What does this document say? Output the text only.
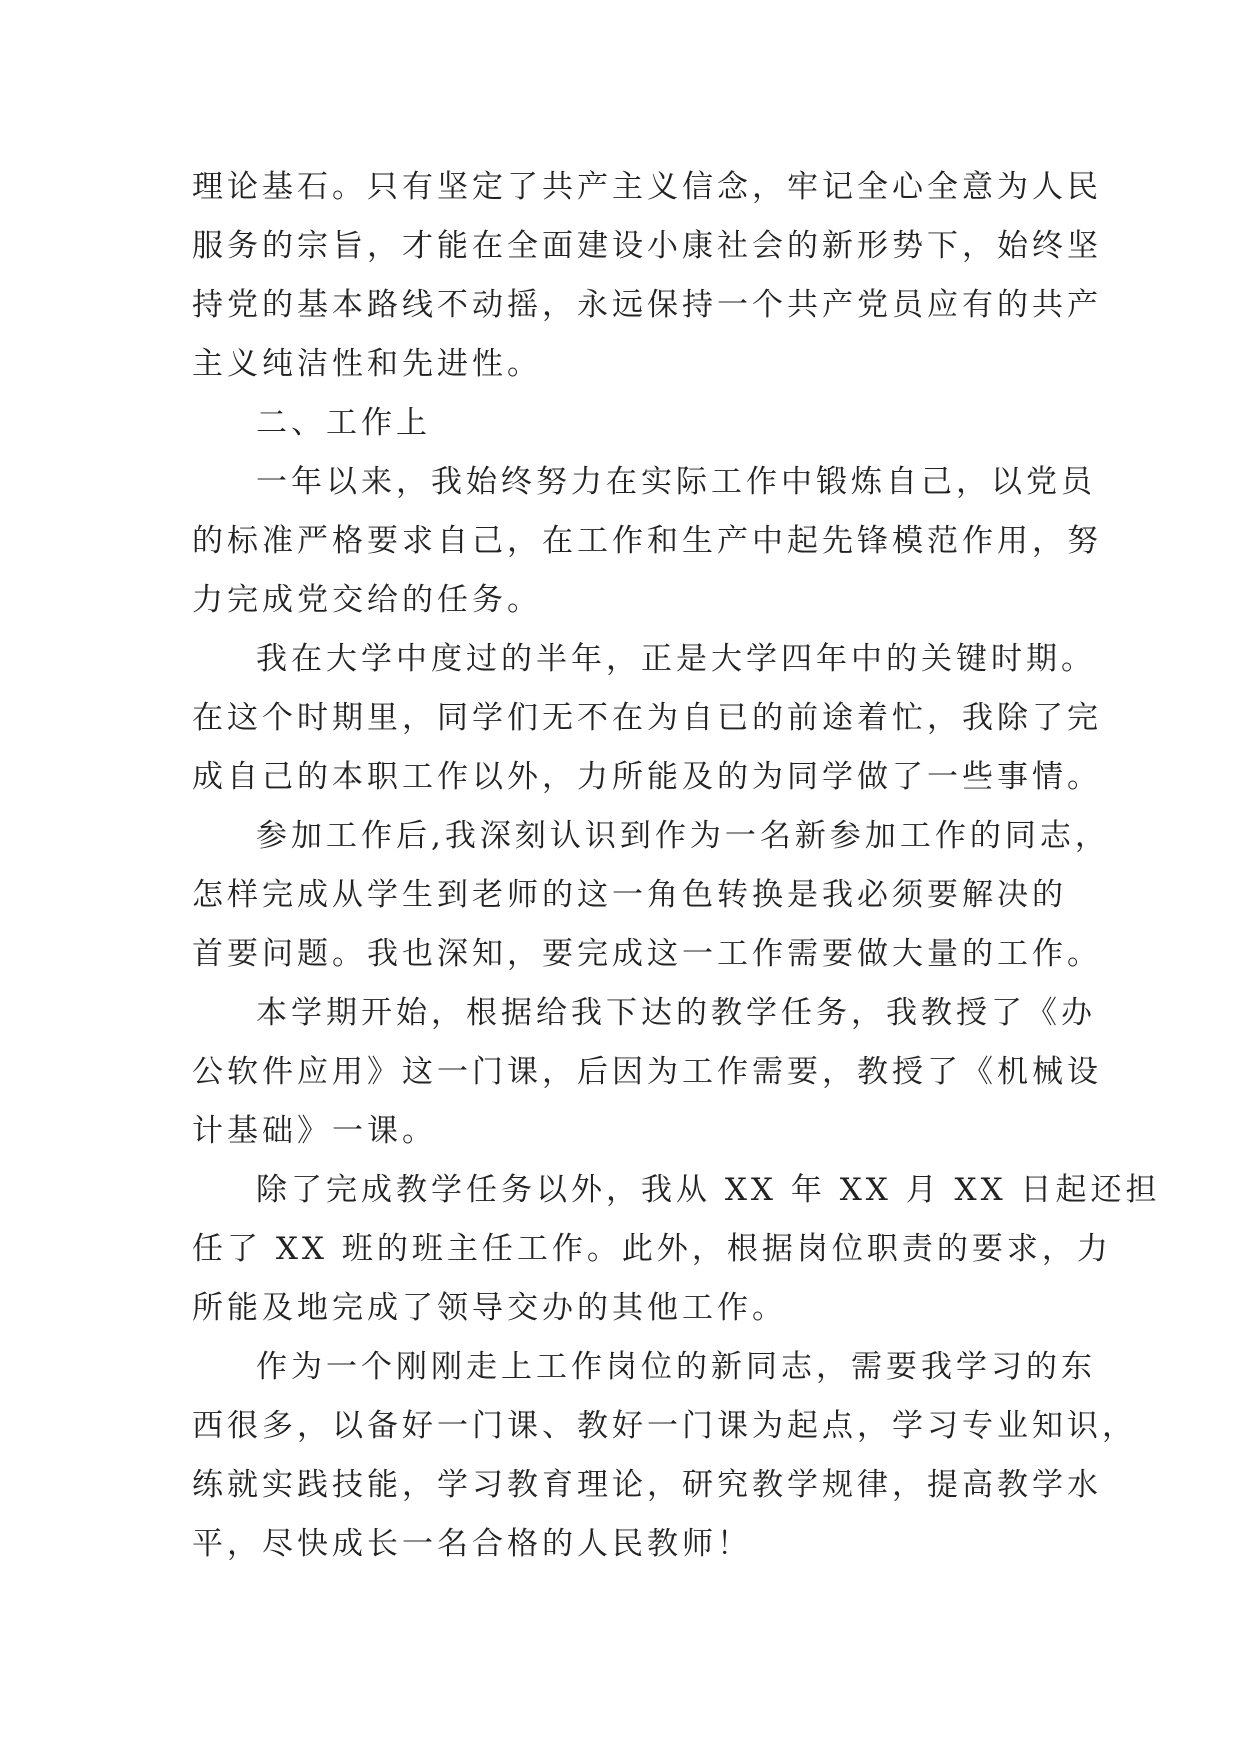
理论基石。只有坚定了共产主义信念，牢记全心全意为人民
服务的宗旨，才能在全面建设小康社会的新形势下，始终坚
持党的基本路线不动摇，永远保持一个共产党员应有的共产
主义纯洁性和先进性。
二、工作上
一年以来，我始终努力在实际工作中锻炼自己，以党员
的标准严格要求自己，在工作和生产中起先锋模范作用，努
力完成党交给的任务。
我在大学中度过的半年，正是大学四年中的关键时期。
在这个时期里，同学们无不在为自已的前途着忙，我除了完
成自己的本职工作以外，力所能及的为同学做了一些事情。
参加工作后,我深刻认识到作为一名新参加工作的同志，
怎样完成从学生到老师的这一角色转换是我必须要解决的
首要问题。我也深知，要完成这一工作需要做大量的工作。
本学期开始，根据给我下达的教学任务，我教授了《办
公软件应用》这一门课，后因为工作需要，教授了《机械设
计基础》一课。
除了完成教学任务以外，我从 XX 年 XX 月 XX 日起还担
任了 XX 班的班主任工作。此外，根据岗位职责的要求，力
所能及地完成了领导交办的其他工作。
作为一个刚刚走上工作岗位的新同志，需要我学习的东
西很多，以备好一门课、教好一门课为起点，学习专业知识，
练就实践技能，学习教育理论，研究教学规律，提高教学水
平，尽快成长一名合格的人民教师！
